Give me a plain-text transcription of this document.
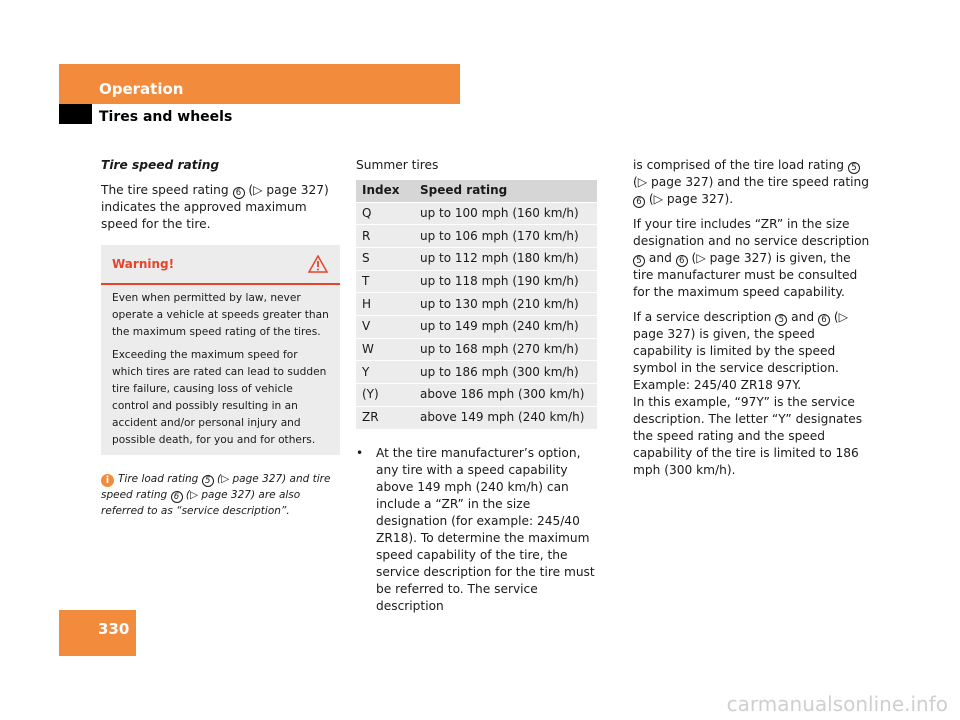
Operation
Tires and wheels
Tire speed rating
The tire speed rating 6 (▷ page 327) indicates the approved maximum speed for the tire.
Warning!

Even when permitted by law, never operate a vehicle at speeds greater than the maximum speed rating of the tires.

Exceeding the maximum speed for which tires are rated can lead to sudden tire failure, causing loss of vehicle control and possibly resulting in an accident and/or personal injury and possible death, for you and for others.

i Tire load rating 5 (▷ page 327) and tire speed rating 6 (▷ page 327) are also referred to as “service description”.
Summer tires
Index	Speed rating
Q	up to 100 mph (160 km/h)
R	up to 106 mph (170 km/h)
S	up to 112 mph (180 km/h)
T	up to 118 mph (190 km/h)
H	up to 130 mph (210 km/h)
V	up to 149 mph (240 km/h)
W	up to 168 mph (270 km/h)
Y	up to 186 mph (300 km/h)
(Y)	above 186 mph (300 km/h)
ZR	above 149 mph (240 km/h)
•	At the tire manufacturer’s option, any tire with a speed capability above 149 mph (240 km/h) can include a “ZR” in the size designation (for example: 245/40 ZR18). To determine the maximum speed capability of the tire, the service description for the tire must be referred to. The service description
is comprised of the tire load rating 5 (▷ page 327) and the tire speed rating 6 (▷ page 327).
If your tire includes “ZR” in the size designation and no service description 5 and 6 (▷ page 327) is given, the tire manufacturer must be consulted for the maximum speed capability.
If a service description 5 and 6 (▷ page 327) is given, the speed capability is limited by the speed symbol in the service description.
Example: 245/40 ZR18 97Y.
In this example, “97Y” is the service description. The letter “Y” designates the speed rating and the speed capability of the tire is limited to 186 mph (300 km/h).
330
carmanualsonline.info
